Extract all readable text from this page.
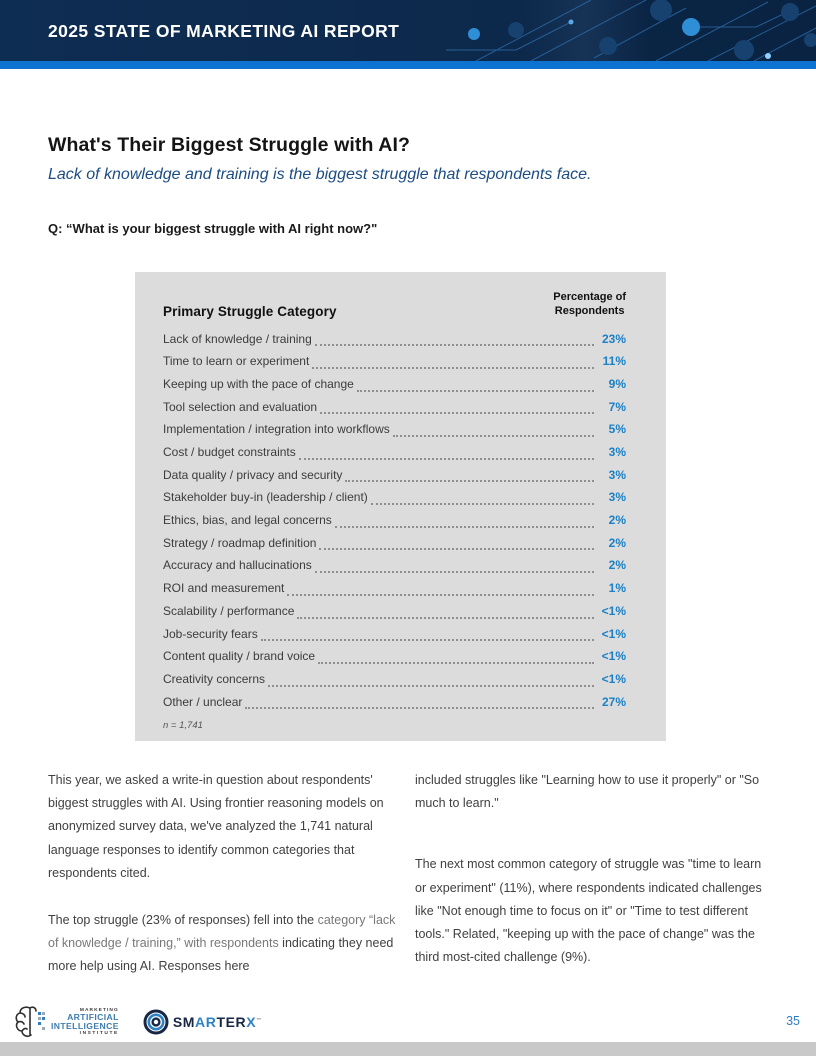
2025 STATE OF MARKETING AI REPORT
What's Their Biggest Struggle with AI?
Lack of knowledge and training is the biggest struggle that respondents face.
Q: “What is your biggest struggle with AI right now?"
Primary Struggle Category
Percentage of
Respondents
Lack of knowledge / training	23%
Time to learn or experiment	11%
Keeping up with the pace of change	9%
Tool selection and evaluation	7%
Implementation / integration into workflows	5%
Cost / budget constraints	3%
Data quality / privacy and security	3%
Stakeholder buy-in (leadership / client)	3%
Ethics, bias, and legal concerns	2%
Strategy / roadmap definition	2%
Accuracy and hallucinations	2%
ROI and measurement	1%
Scalability / performance	<1%
Job-security fears	<1%
Content quality / brand voice	<1%
Creativity concerns	<1%
Other / unclear	27%
n = 1,741

This year, we asked a write-in question about respondents' biggest struggles with AI. Using frontier reasoning models on anonymized survey data, we've analyzed the 1,741 natural language responses to identify common categories that respondents cited.

The top struggle (23% of responses) fell into the category “lack of knowledge / training,” with respondents indicating they need more help using AI. Responses here

included struggles like "Learning how to use it properly" or "So much to learn."

The next most common category of struggle was "time to learn or experiment" (11%), where respondents indicated challenges like "Not enough time to focus on it" or "Time to test different tools." Related, "keeping up with the pace of change" was the third most-cited challenge (9%).

MARKETING
ARTIFICIAL
INTELLIGENCE
INSTITUTE
SMARTERX™	35
